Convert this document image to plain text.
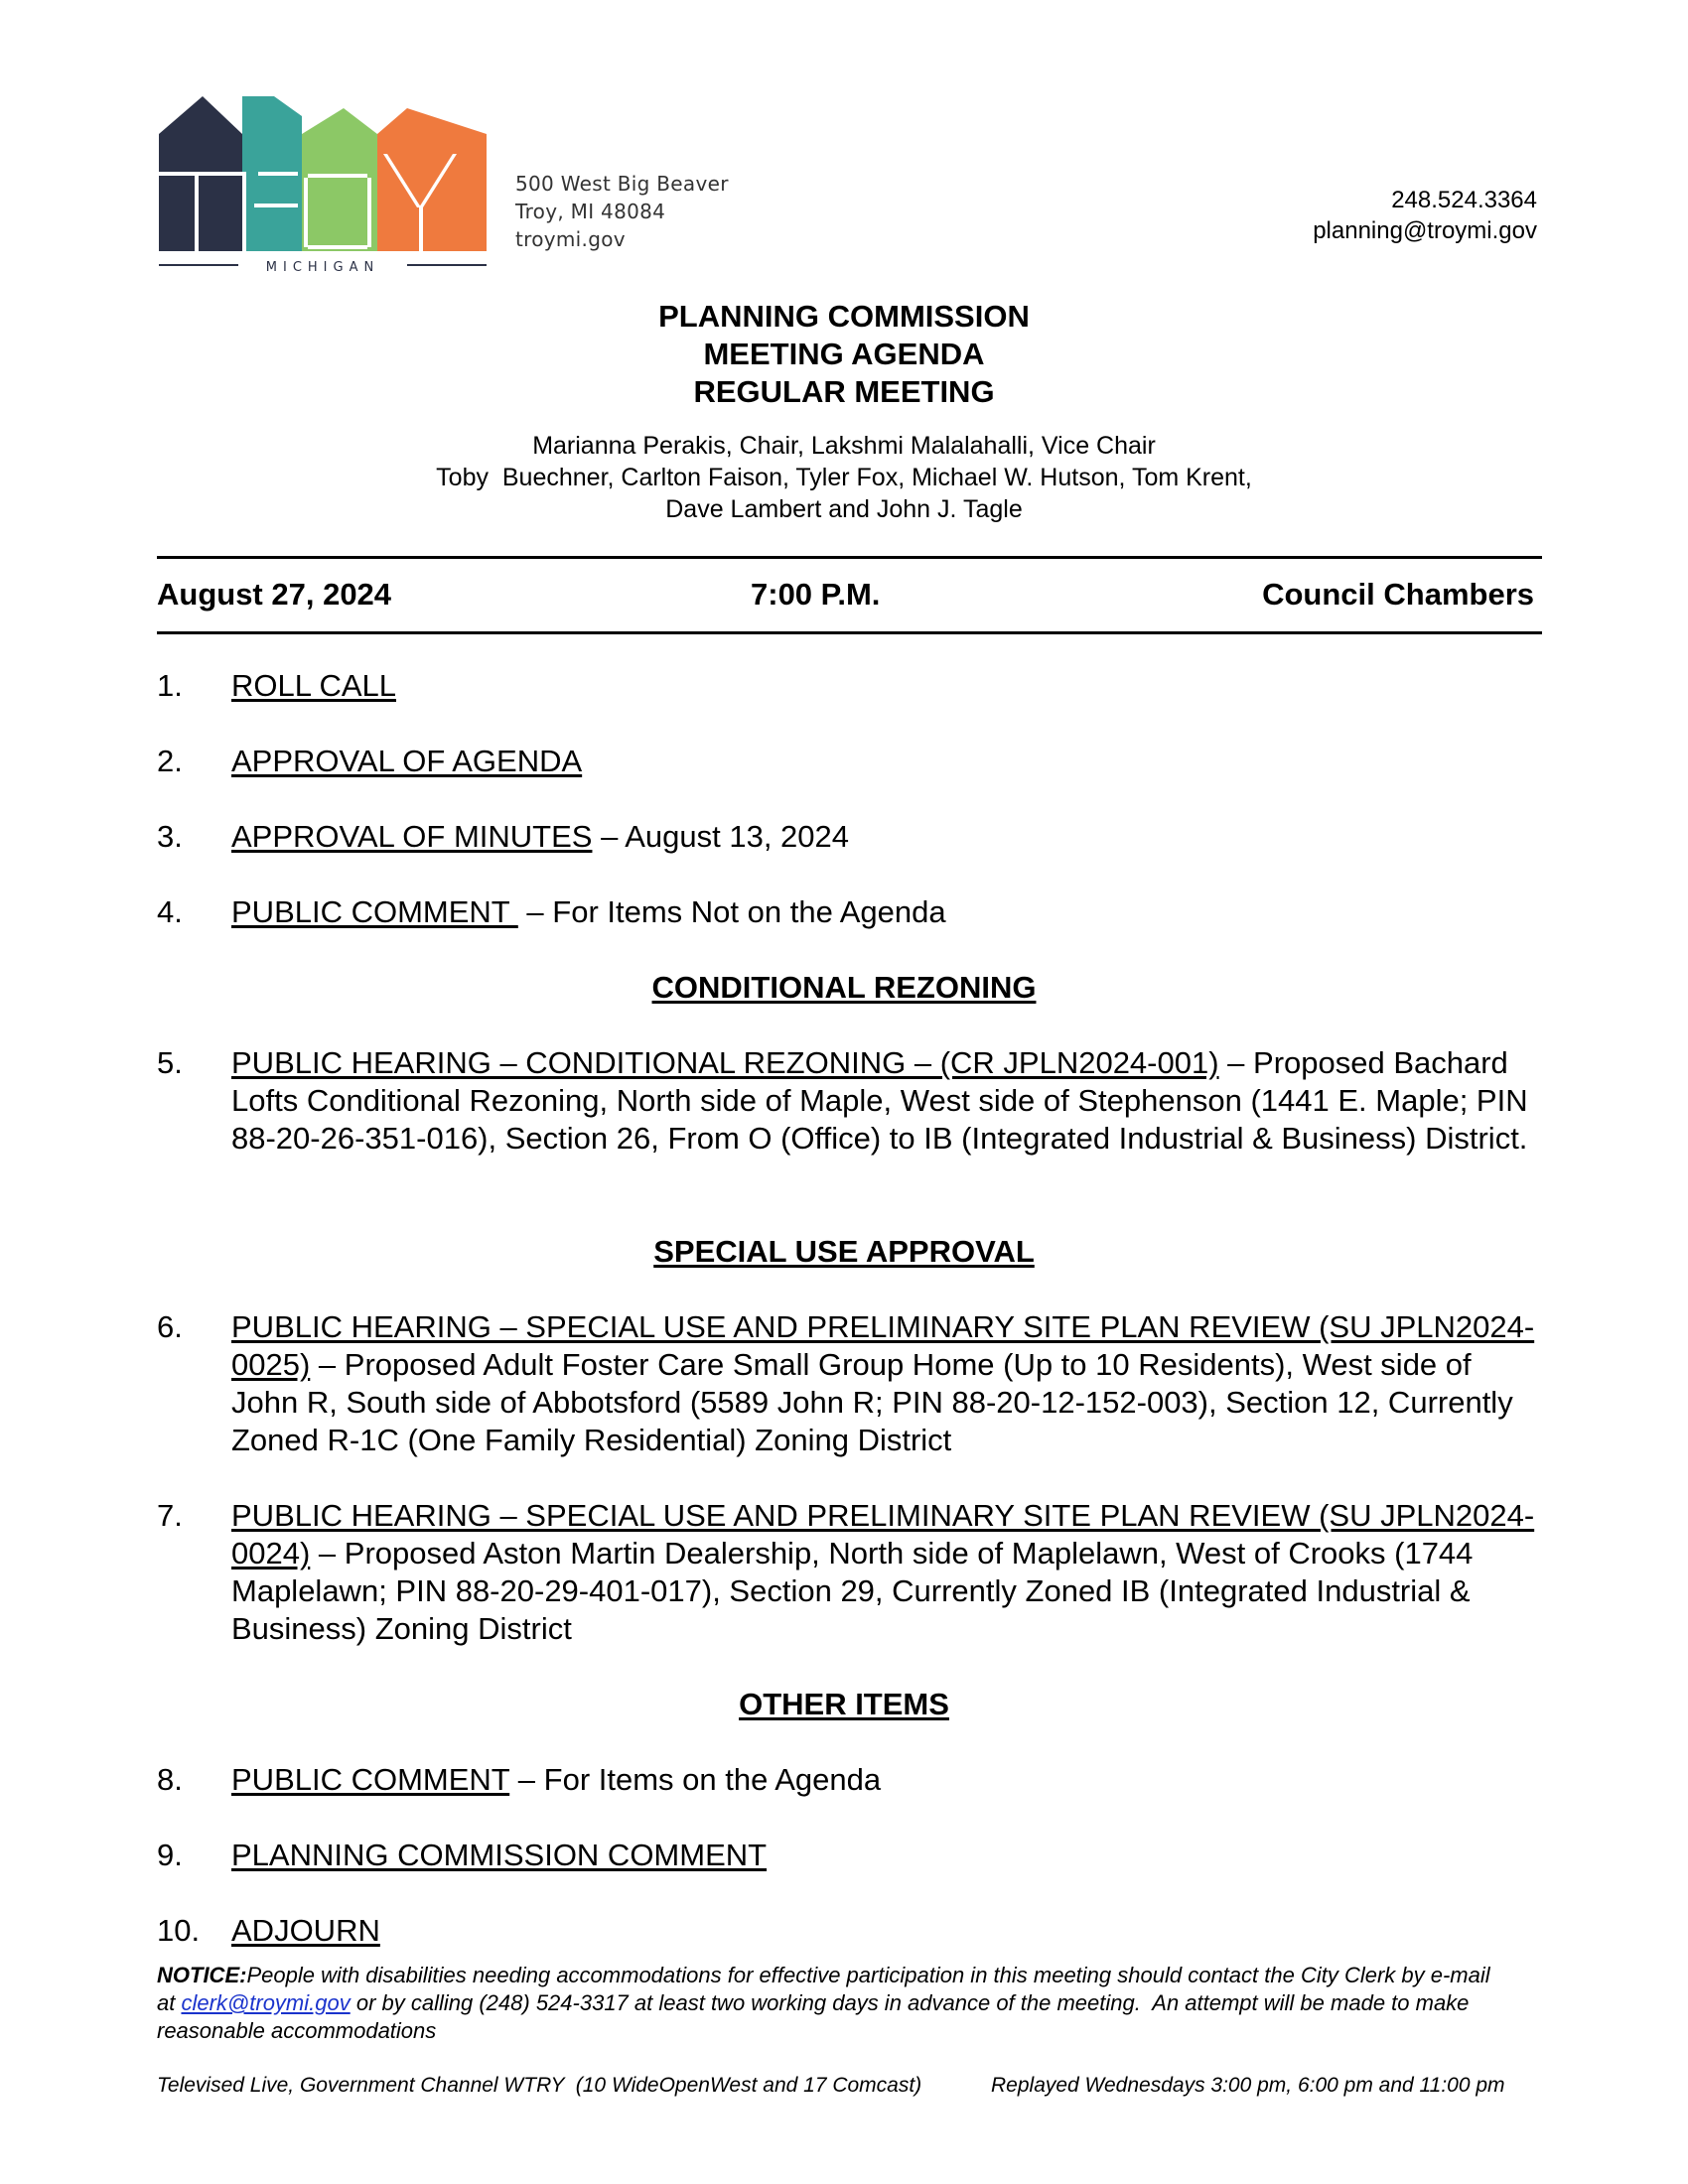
MICHIGAN
500 West Big Beaver
Troy, MI 48084
troymi.gov
248.524.3364
planning@troymi.gov
PLANNING COMMISSION
MEETING AGENDA
REGULAR MEETING
Marianna Perakis, Chair, Lakshmi Malalahalli, Vice Chair
Toby  Buechner, Carlton Faison, Tyler Fox, Michael W. Hutson, Tom Krent,
Dave Lambert and John J. Tagle
August 27, 2024	7:00 P.M.	Council Chambers
1. ROLL CALL
2. APPROVAL OF AGENDA
3. APPROVAL OF MINUTES – August 13, 2024
4. PUBLIC COMMENT  – For Items Not on the Agenda
CONDITIONAL REZONING
5. PUBLIC HEARING – CONDITIONAL REZONING – (CR JPLN2024-001) – Proposed Bachard Lofts Conditional Rezoning, North side of Maple, West side of Stephenson (1441 E. Maple; PIN 88-20-26-351-016), Section 26, From O (Office) to IB (Integrated Industrial & Business) District.
SPECIAL USE APPROVAL
6. PUBLIC HEARING – SPECIAL USE AND PRELIMINARY SITE PLAN REVIEW (SU JPLN2024-0025) – Proposed Adult Foster Care Small Group Home (Up to 10 Residents), West side of John R, South side of Abbotsford (5589 John R; PIN 88-20-12-152-003), Section 12, Currently Zoned R-1C (One Family Residential) Zoning District
7. PUBLIC HEARING – SPECIAL USE AND PRELIMINARY SITE PLAN REVIEW (SU JPLN2024-0024) – Proposed Aston Martin Dealership, North side of Maplelawn, West of Crooks (1744 Maplelawn; PIN 88-20-29-401-017), Section 29, Currently Zoned IB (Integrated Industrial & Business) Zoning District
OTHER ITEMS
8. PUBLIC COMMENT – For Items on the Agenda
9. PLANNING COMMISSION COMMENT
10. ADJOURN
NOTICE:People with disabilities needing accommodations for effective participation in this meeting should contact the City Clerk by e-mail at clerk@troymi.gov or by calling (248) 524-3317 at least two working days in advance of the meeting.  An attempt will be made to make reasonable accommodations
Televised Live, Government Channel WTRY  (10 WideOpenWest and 17 Comcast)	Replayed Wednesdays 3:00 pm, 6:00 pm and 11:00 pm
